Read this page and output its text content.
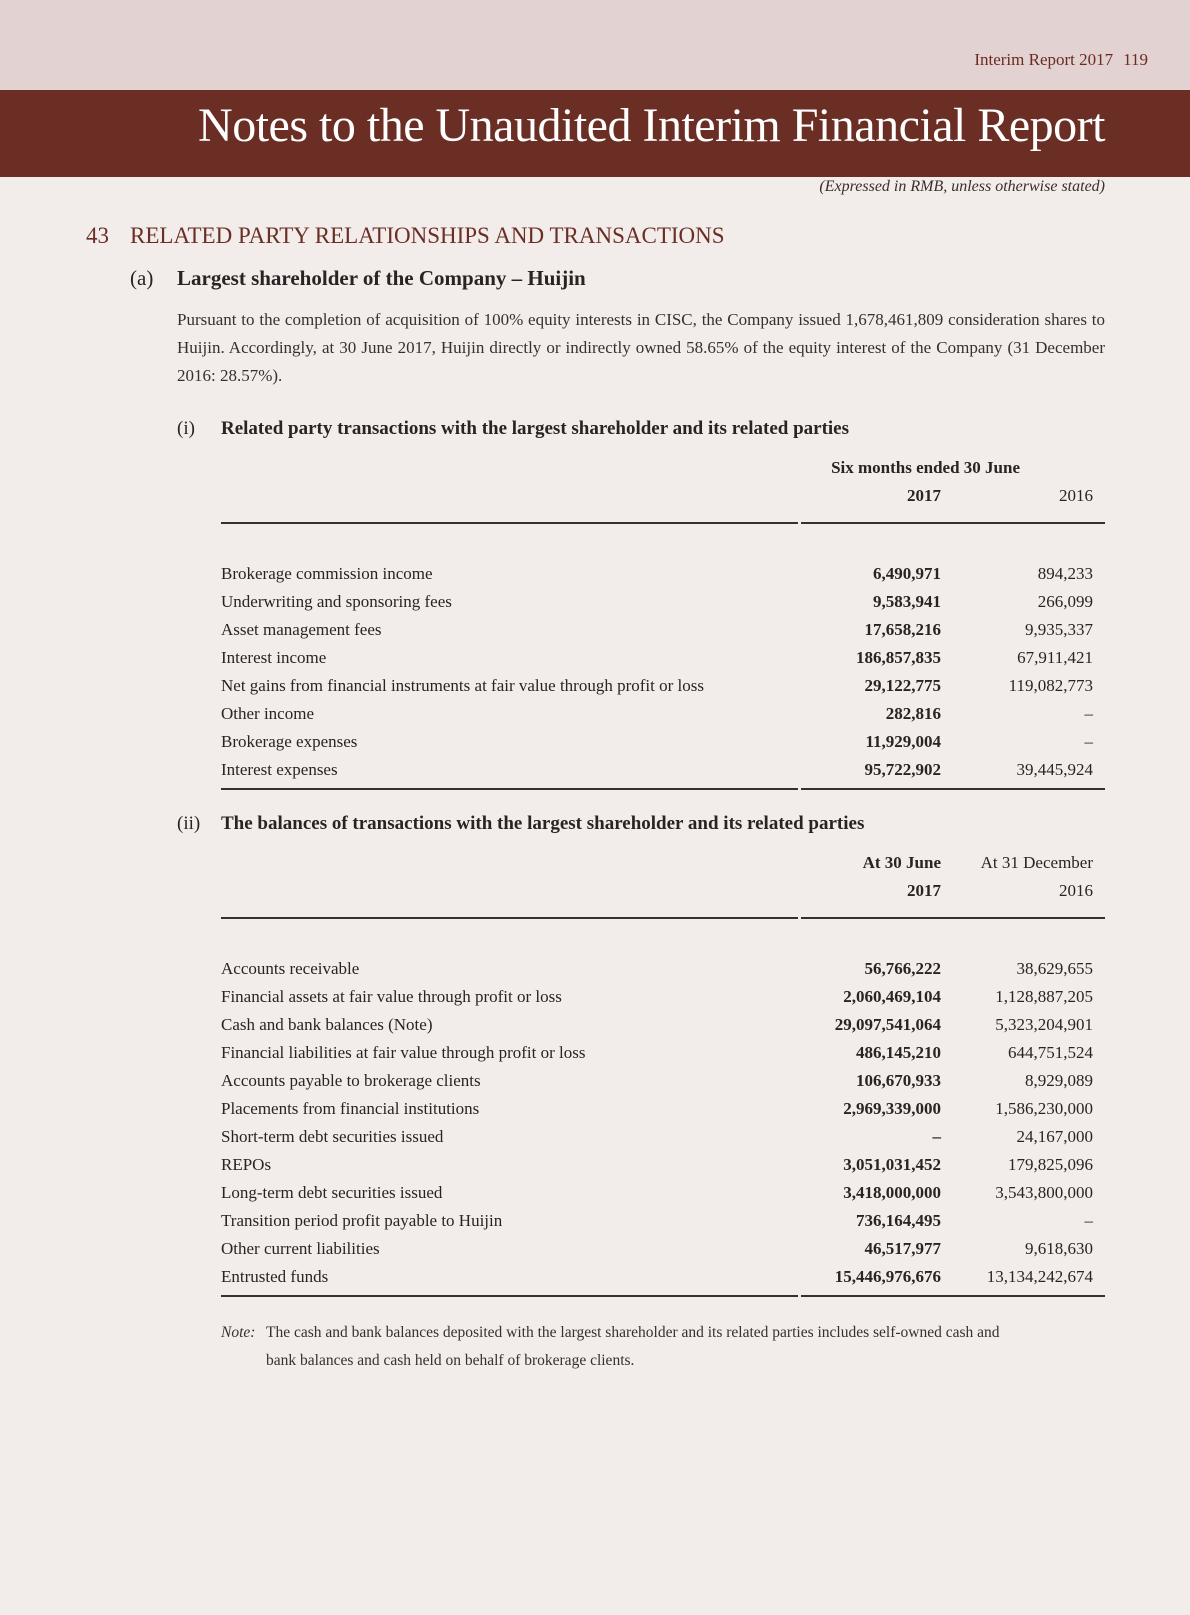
Interim Report 2017 119
Notes to the Unaudited Interim Financial Report
(Expressed in RMB, unless otherwise stated)
43 RELATED PARTY RELATIONSHIPS AND TRANSACTIONS
(a) Largest shareholder of the Company – Huijin

Pursuant to the completion of acquisition of 100% equity interests in CISC, the Company issued 1,678,461,809 consideration shares to Huijin. Accordingly, at 30 June 2017, Huijin directly or indirectly owned 58.65% of the equity interest of the Company (31 December 2016: 28.57%).

(i) Related party transactions with the largest shareholder and its related parties
Six months ended 30 June
2017	2016
Brokerage commission income	6,490,971	894,233
Underwriting and sponsoring fees	9,583,941	266,099
Asset management fees	17,658,216	9,935,337
Interest income	186,857,835	67,911,421
Net gains from financial instruments at fair value through profit or loss	29,122,775	119,082,773
Other income	282,816	–
Brokerage expenses	11,929,004	–
Interest expenses	95,722,902	39,445,924
(ii) The balances of transactions with the largest shareholder and its related parties
At 30 June	At 31 December
2017	2016
Accounts receivable	56,766,222	38,629,655
Financial assets at fair value through profit or loss	2,060,469,104	1,128,887,205
Cash and bank balances (Note)	29,097,541,064	5,323,204,901
Financial liabilities at fair value through profit or loss	486,145,210	644,751,524
Accounts payable to brokerage clients	106,670,933	8,929,089
Placements from financial institutions	2,969,339,000	1,586,230,000
Short-term debt securities issued	–	24,167,000
REPOs	3,051,031,452	179,825,096
Long-term debt securities issued	3,418,000,000	3,543,800,000
Transition period profit payable to Huijin	736,164,495	–
Other current liabilities	46,517,977	9,618,630
Entrusted funds	15,446,976,676	13,134,242,674
Note: The cash and bank balances deposited with the largest shareholder and its related parties includes self-owned cash and
bank balances and cash held on behalf of brokerage clients.
